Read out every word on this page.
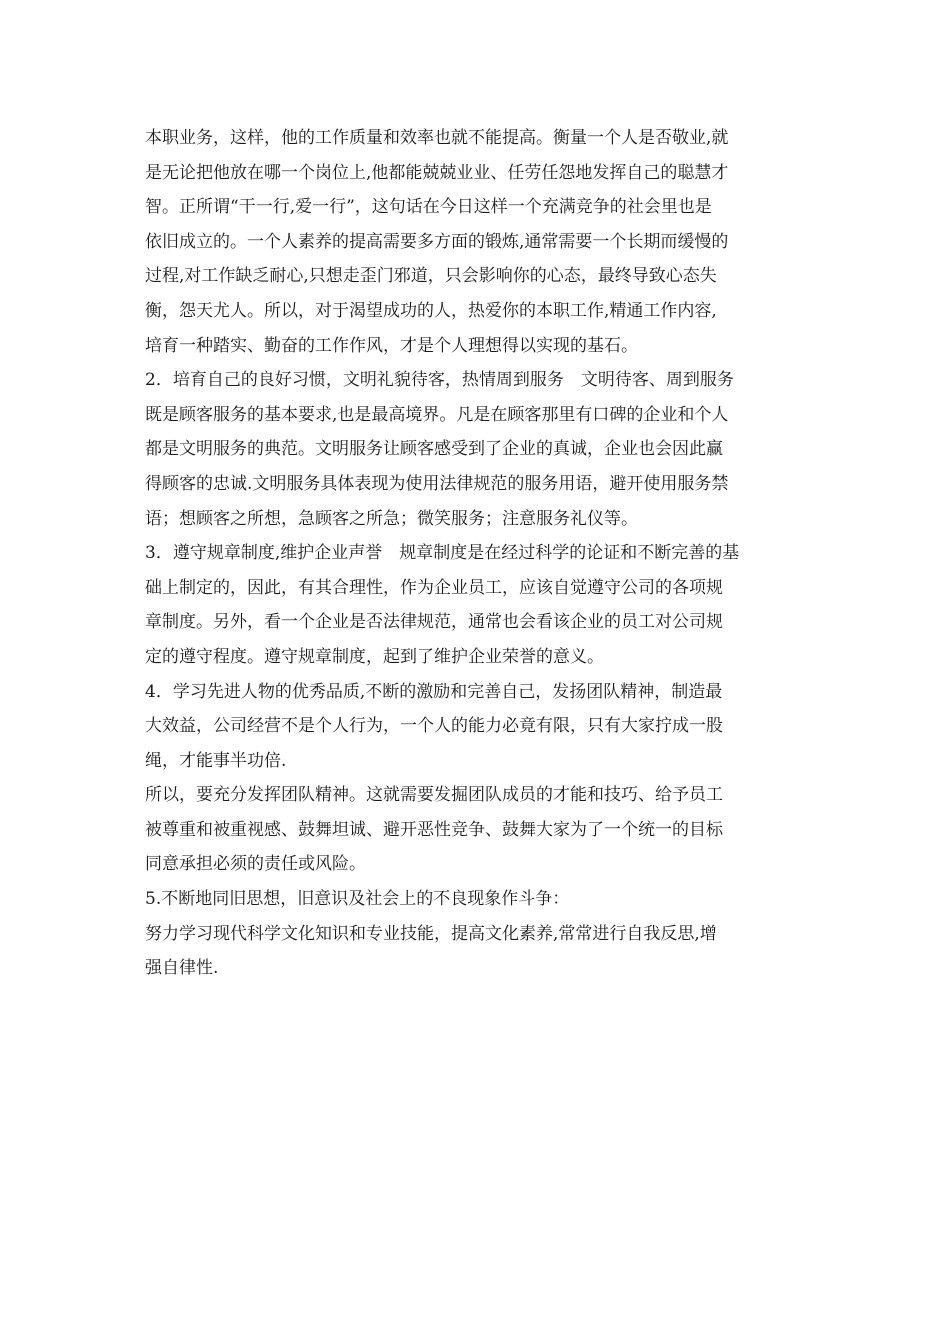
本职业务，这样，他的工作质量和效率也就不能提高。衡量一个人是否敬业,就
是无论把他放在哪一个岗位上,他都能兢兢业业、任劳任怨地发挥自己的聪慧才
智。正所谓“干一行,爱一行”，这句话在今日这样一个充满竞争的社会里也是
依旧成立的。一个人素养的提高需要多方面的锻炼,通常需要一个长期而缓慢的
过程,对工作缺乏耐心,只想走歪门邪道，只会影响你的心态，最终导致心态失
衡，怨天尤人。所以，对于渴望成功的人，热爱你的本职工作,精通工作内容,
培育一种踏实、勤奋的工作作风，才是个人理想得以实现的基石。
2．培育自己的良好习惯，文明礼貌待客，热情周到服务　文明待客、周到服务
既是顾客服务的基本要求,也是最高境界。凡是在顾客那里有口碑的企业和个人
都是文明服务的典范。文明服务让顾客感受到了企业的真诚，企业也会因此赢
得顾客的忠诚.文明服务具体表现为使用法律规范的服务用语，避开使用服务禁
语；想顾客之所想，急顾客之所急；微笑服务；注意服务礼仪等。
3．遵守规章制度,维护企业声誉　规章制度是在经过科学的论证和不断完善的基
础上制定的，因此，有其合理性，作为企业员工，应该自觉遵守公司的各项规
章制度。另外，看一个企业是否法律规范，通常也会看该企业的员工对公司规
定的遵守程度。遵守规章制度，起到了维护企业荣誉的意义。
4．学习先进人物的优秀品质,不断的激励和完善自己，发扬团队精神，制造最
大效益，公司经营不是个人行为，一个人的能力必竟有限，只有大家拧成一股
绳，才能事半功倍.
所以，要充分发挥团队精神。这就需要发掘团队成员的才能和技巧、给予员工
被尊重和被重视感、鼓舞坦诚、避开恶性竞争、鼓舞大家为了一个统一的目标
同意承担必须的责任或风险。
5.不断地同旧思想，旧意识及社会上的不良现象作斗争：
努力学习现代科学文化知识和专业技能，提高文化素养,常常进行自我反思,增
强自律性.
